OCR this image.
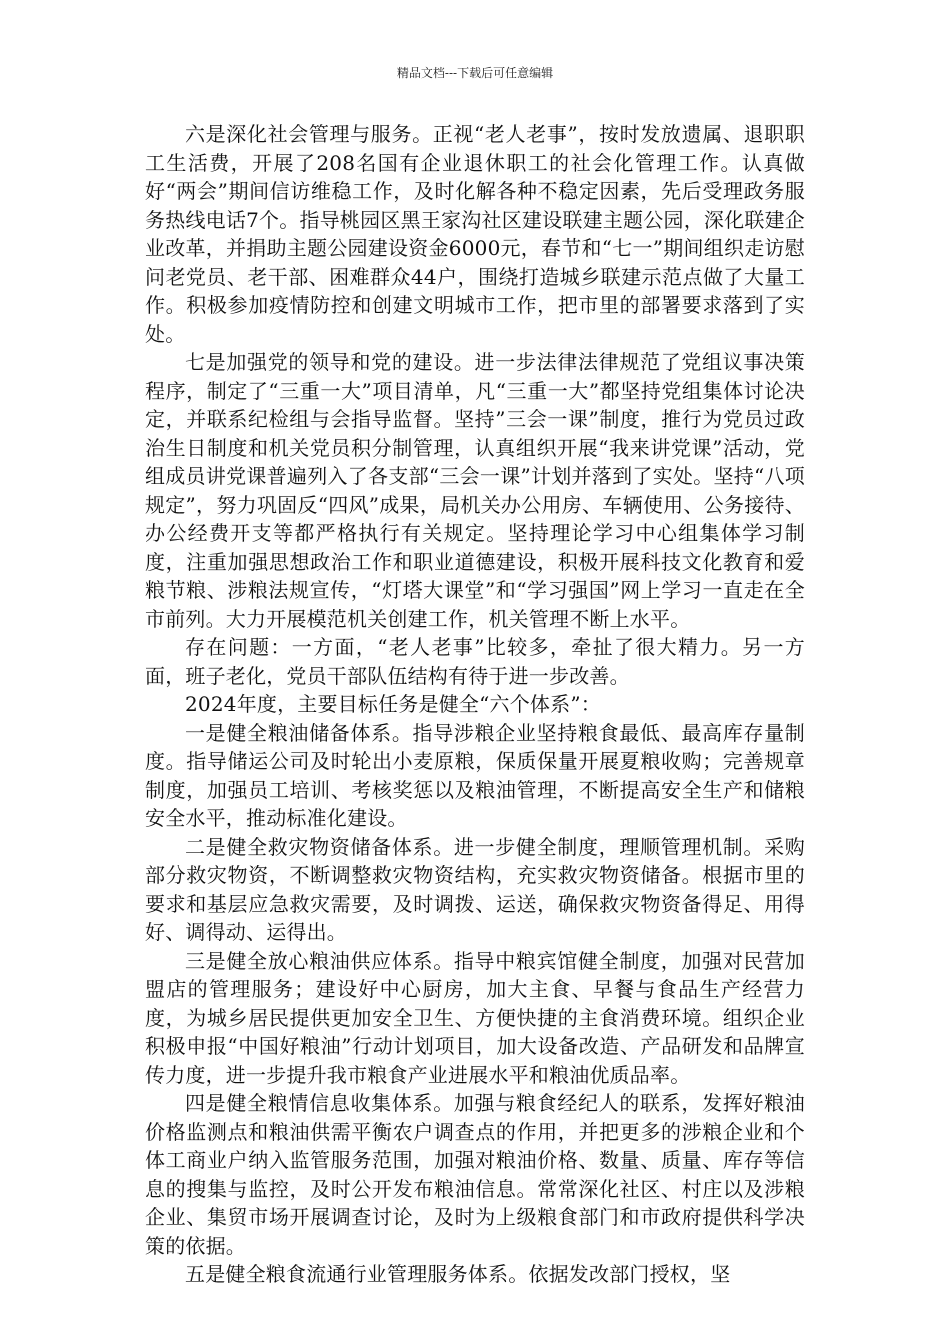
精品文档---下载后可任意编辑

六是深化社会管理与服务。正视“老人老事”，按时发放遗属、退职职工生活费，开展了208名国有企业退休职工的社会化管理工作。认真做好“两会”期间信访维稳工作，及时化解各种不稳定因素，先后受理政务服务热线电话7个。指导桃园区黑王家沟社区建设联建主题公园，深化联建企业改革，并捐助主题公园建设资金6000元，春节和“七一”期间组织走访慰问老党员、老干部、困难群众44户，围绕打造城乡联建示范点做了大量工作。积极参加疫情防控和创建文明城市工作，把市里的部署要求落到了实处。

七是加强党的领导和党的建设。进一步法律法律规范了党组议事决策程序，制定了“三重一大”项目清单，凡“三重一大”都坚持党组集体讨论决定，并联系纪检组与会指导监督。坚持”三会一课”制度，推行为党员过政治生日制度和机关党员积分制管理，认真组织开展“我来讲党课”活动，党组成员讲党课普遍列入了各支部“三会一课”计划并落到了实处。坚持“八项规定”，努力巩固反“四风”成果，局机关办公用房、车辆使用、公务接待、办公经费开支等都严格执行有关规定。坚持理论学习中心组集体学习制度，注重加强思想政治工作和职业道德建设，积极开展科技文化教育和爱粮节粮、涉粮法规宣传，“灯塔大课堂”和“学习强国”网上学习一直走在全市前列。大力开展模范机关创建工作，机关管理不断上水平。

存在问题：一方面，“老人老事”比较多，牵扯了很大精力。另一方面，班子老化，党员干部队伍结构有待于进一步改善。

2024年度，主要目标任务是健全“六个体系”：

一是健全粮油储备体系。指导涉粮企业坚持粮食最低、最高库存量制度。指导储运公司及时轮出小麦原粮，保质保量开展夏粮收购；完善规章制度，加强员工培训、考核奖惩以及粮油管理，不断提高安全生产和储粮安全水平，推动标准化建设。

二是健全救灾物资储备体系。进一步健全制度，理顺管理机制。采购部分救灾物资，不断调整救灾物资结构，充实救灾物资储备。根据市里的要求和基层应急救灾需要，及时调拨、运送，确保救灾物资备得足、用得好、调得动、运得出。

三是健全放心粮油供应体系。指导中粮宾馆健全制度，加强对民营加盟店的管理服务；建设好中心厨房，加大主食、早餐与食品生产经营力度，为城乡居民提供更加安全卫生、方便快捷的主食消费环境。组织企业积极申报“中国好粮油”行动计划项目，加大设备改造、产品研发和品牌宣传力度，进一步提升我市粮食产业进展水平和粮油优质品率。

四是健全粮情信息收集体系。加强与粮食经纪人的联系，发挥好粮油价格监测点和粮油供需平衡农户调查点的作用，并把更多的涉粮企业和个体工商业户纳入监管服务范围，加强对粮油价格、数量、质量、库存等信息的搜集与监控，及时公开发布粮油信息。常常深化社区、村庄以及涉粮企业、集贸市场开展调查讨论，及时为上级粮食部门和市政府提供科学决策的依据。

五是健全粮食流通行业管理服务体系。依据发改部门授权，坚
